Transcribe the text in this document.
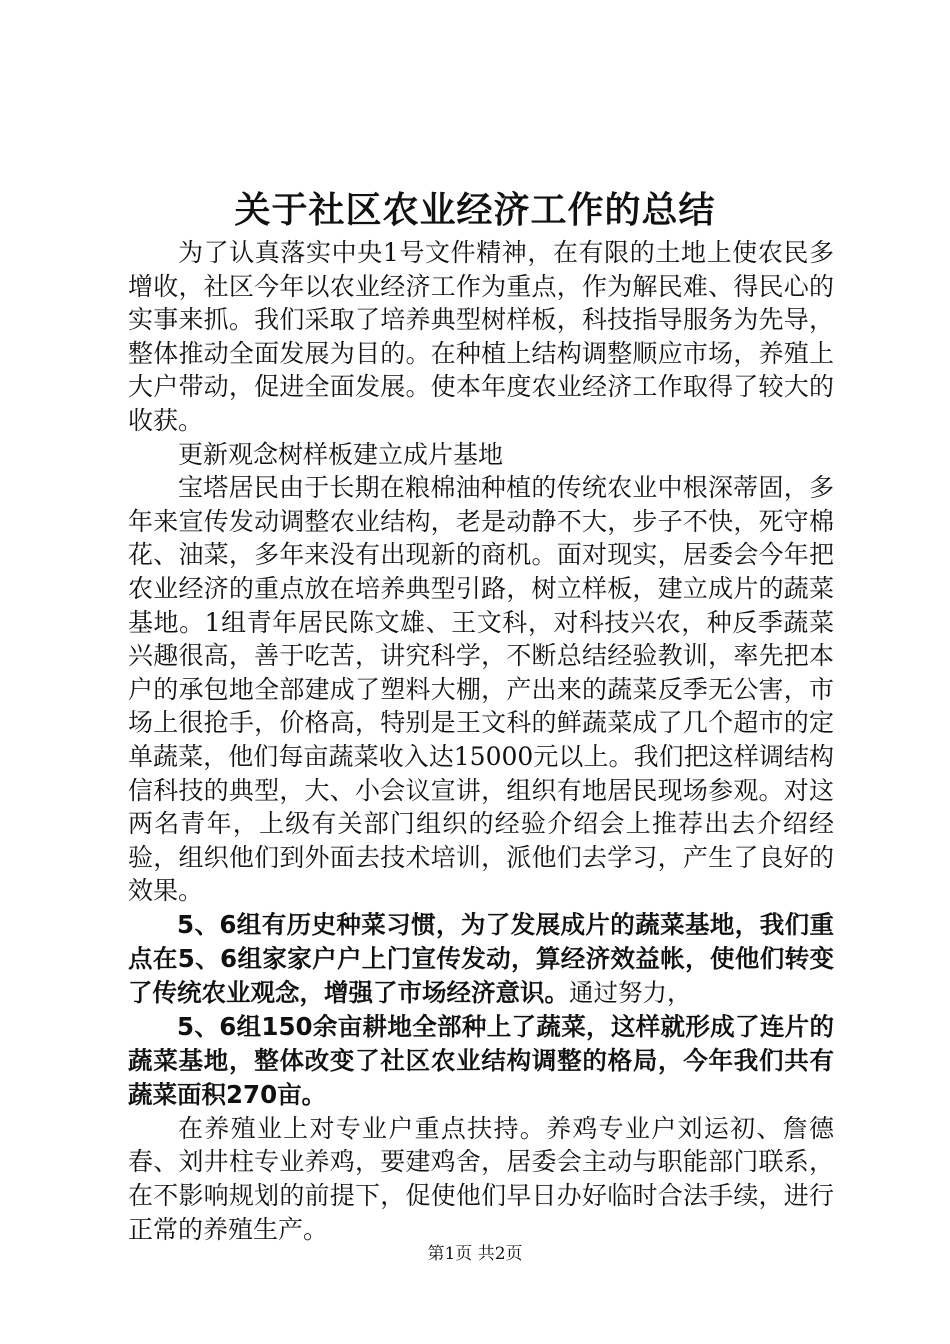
关于社区农业经济工作的总结

为了认真落实中央1号文件精神，在有限的土地上使农民多增收，社区今年以农业经济工作为重点，作为解民难、得民心的实事来抓。我们采取了培养典型树样板，科技指导服务为先导，整体推动全面发展为目的。在种植上结构调整顺应市场，养殖上大户带动，促进全面发展。使本年度农业经济工作取得了较大的收获。

更新观念树样板建立成片基地

宝塔居民由于长期在粮棉油种植的传统农业中根深蒂固，多年来宣传发动调整农业结构，老是动静不大，步子不快，死守棉花、油菜，多年来没有出现新的商机。面对现实，居委会今年把农业经济的重点放在培养典型引路，树立样板，建立成片的蔬菜基地。1组青年居民陈文雄、王文科，对科技兴农，种反季蔬菜兴趣很高，善于吃苦，讲究科学，不断总结经验教训，率先把本户的承包地全部建成了塑料大棚，产出来的蔬菜反季无公害，市场上很抢手，价格高，特别是王文科的鲜蔬菜成了几个超市的定单蔬菜，他们每亩蔬菜收入达15000元以上。我们把这样调结构信科技的典型，大、小会议宣讲，组织有地居民现场参观。对这两名青年，上级有关部门组织的经验介绍会上推荐出去介绍经验，组织他们到外面去技术培训，派他们去学习，产生了良好的效果。

5、6组有历史种菜习惯，为了发展成片的蔬菜基地，我们重点在5、6组家家户户上门宣传发动，算经济效益帐，使他们转变了传统农业观念，增强了市场经济意识。通过努力，

5、6组150余亩耕地全部种上了蔬菜，这样就形成了连片的蔬菜基地，整体改变了社区农业结构调整的格局，今年我们共有蔬菜面积270亩。

在养殖业上对专业户重点扶持。养鸡专业户刘运初、詹德春、刘井柱专业养鸡，要建鸡舍，居委会主动与职能部门联系，在不影响规划的前提下，促使他们早日办好临时合法手续，进行正常的养殖生产。

第1页 共2页
